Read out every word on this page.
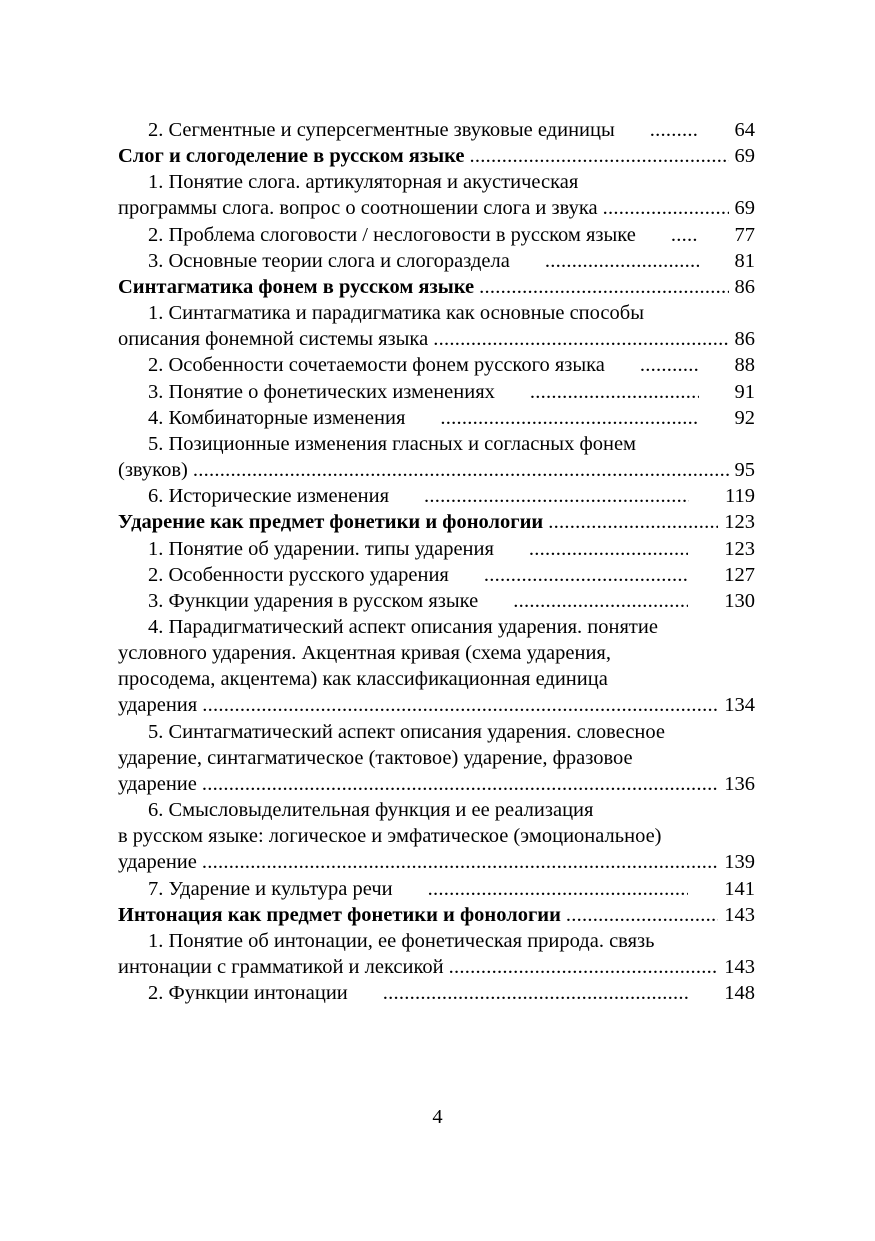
2. Сегментные и суперсегментные звуковые единицы .....	64
Слог и слогоделение в русском языке .....	69
1. Понятие слога. артикуляторная и акустическая
программы слога. вопрос о соотношении слога и звука .....	69
2. Проблема слоговости / неслоговости в русском языке .....	77
3. Основные теории слога и слогораздела .....	81
Синтагматика фонем в русском языке .....	86
1. Синтагматика и парадигматика как основные способы
описания фонемной системы языка .....	86
2. Особенности сочетаемости фонем русского языка .....	88
3. Понятие о фонетических изменениях .....	91
4. Комбинаторные изменения .....	92
5. Позиционные изменения гласных и согласных фонем
(звуков) .....	95
6. Исторические изменения .....	119
Ударение как предмет фонетики и фонологии .....	123
1. Понятие об ударении. типы ударения .....	123
2. Особенности русского ударения .....	127
3. Функции ударения в русском языке .....	130
4. Парадигматический аспект описания ударения. понятие
условного ударения. Акцентная кривая (схема ударения,
просодема, акцентема) как классификационная единица
ударения .....	134
5. Синтагматический аспект описания ударения. словесное
ударение, синтагматическое (тактовое) ударение, фразовое
ударение .....	136
6. Смысловыделительная функция и ее реализация
в русском языке: логическое и эмфатическое (эмоциональное)
ударение .....	139
7. Ударение и культура речи .....	141
Интонация как предмет фонетики и фонологии .....	143
1. Понятие об интонации, ее фонетическая природа. связь
интонации с грамматикой и лексикой .....	143
2. Функции интонации .....	148
4
